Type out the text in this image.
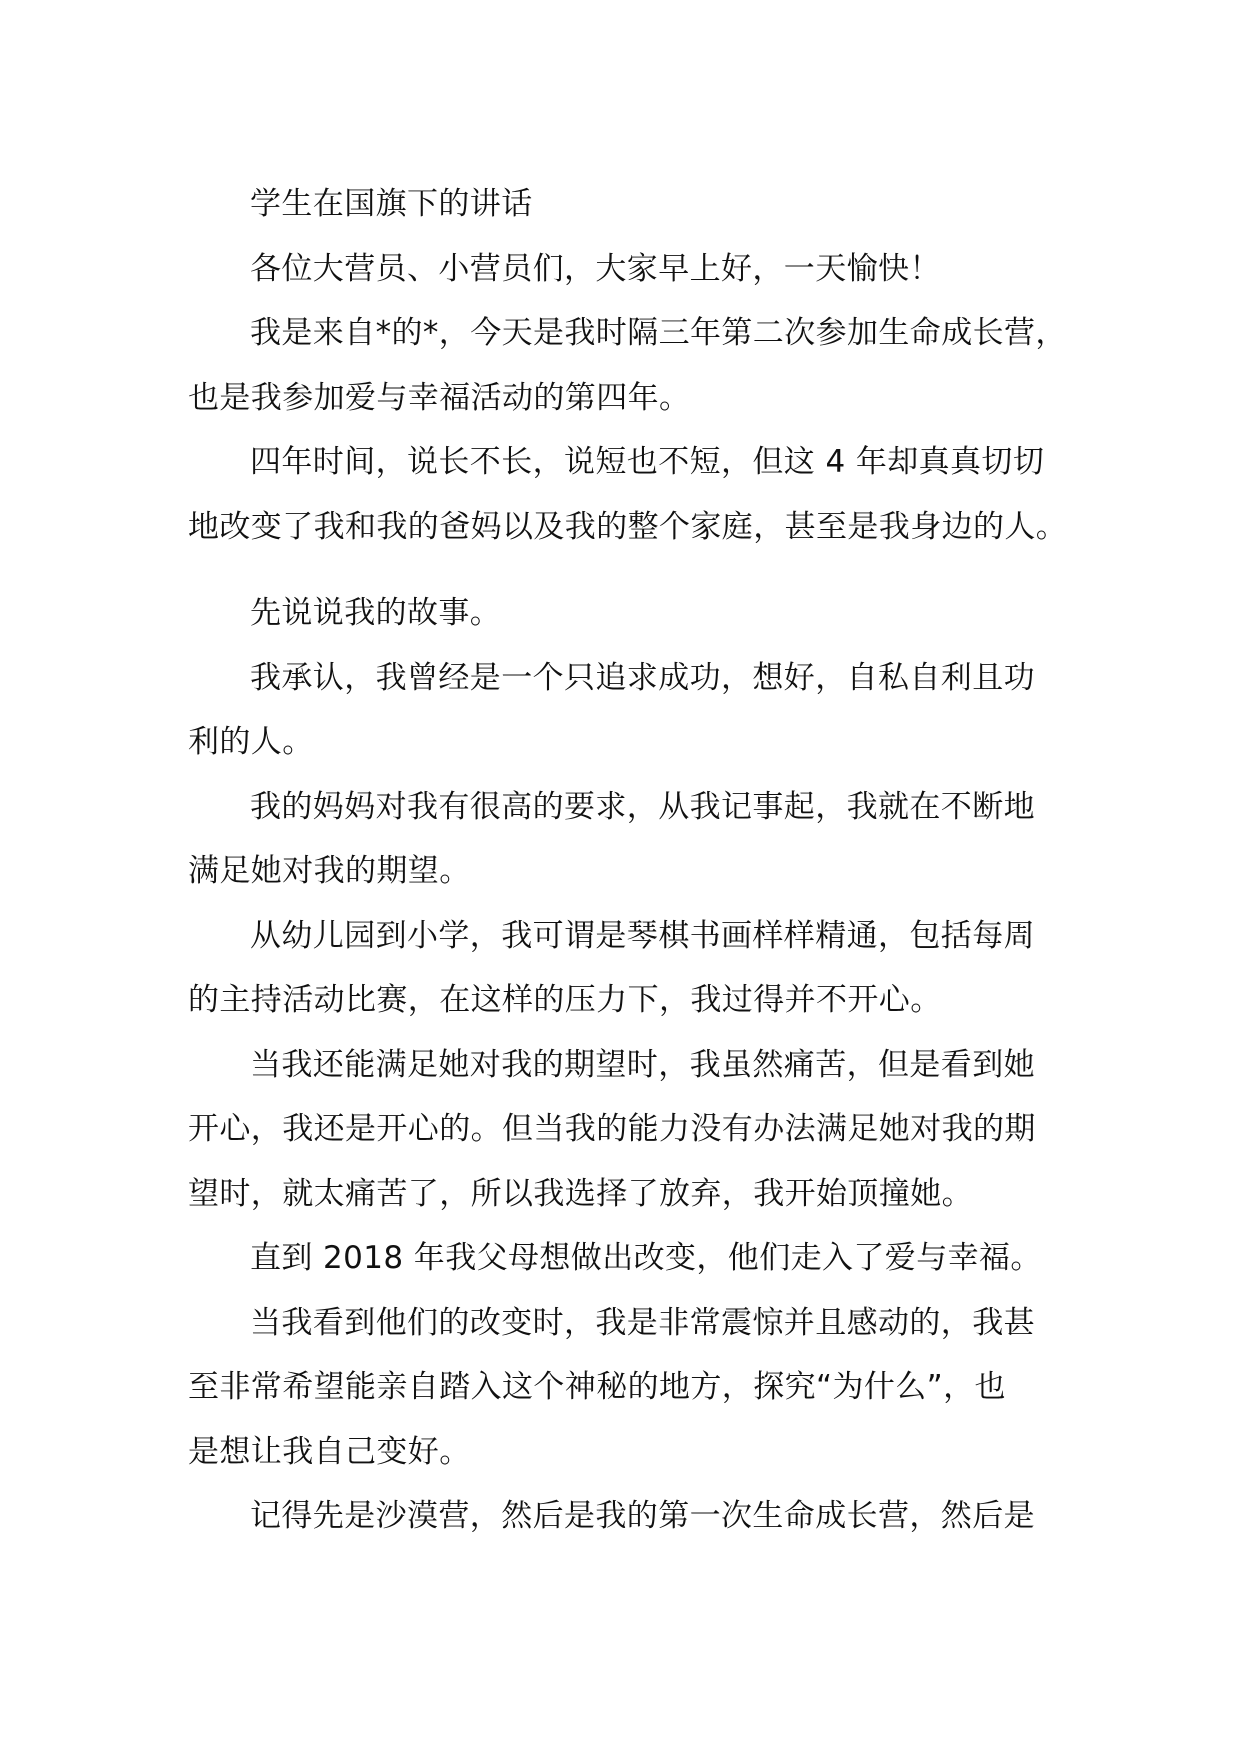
学生在国旗下的讲话

各位大营员、小营员们，大家早上好，一天愉快！

我是来自*的*，今天是我时隔三年第二次参加生命成长营，
也是我参加爱与幸福活动的第四年。

四年时间，说长不长，说短也不短，但这 4 年却真真切切
地改变了我和我的爸妈以及我的整个家庭，甚至是我身边的人。

先说说我的故事。

我承认，我曾经是一个只追求成功，想好，自私自利且功
利的人。

我的妈妈对我有很高的要求，从我记事起，我就在不断地
满足她对我的期望。

从幼儿园到小学，我可谓是琴棋书画样样精通，包括每周
的主持活动比赛，在这样的压力下，我过得并不开心。

当我还能满足她对我的期望时，我虽然痛苦，但是看到她
开心，我还是开心的。但当我的能力没有办法满足她对我的期
望时，就太痛苦了，所以我选择了放弃，我开始顶撞她。

直到 2018 年我父母想做出改变，他们走入了爱与幸福。

当我看到他们的改变时，我是非常震惊并且感动的，我甚
至非常希望能亲自踏入这个神秘的地方，探究“为什么”，也
是想让我自己变好。

记得先是沙漠营，然后是我的第一次生命成长营，然后是
